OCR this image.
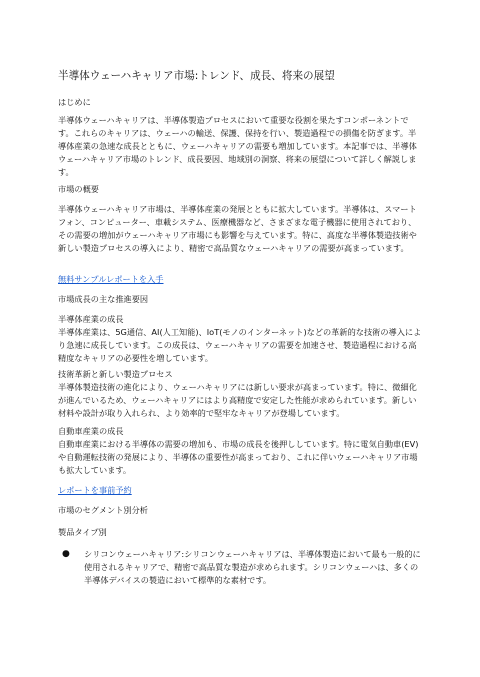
半導体ウェーハキャリア市場:トレンド、成長、将来の展望

はじめに

半導体ウェーハキャリアは、半導体製造プロセスにおいて重要な役割を果たすコンポーネントです。これらのキャリアは、ウェーハの輸送、保護、保持を行い、製造過程での損傷を防ぎます。半導体産業の急速な成長とともに、ウェーハキャリアの需要も増加しています。本記事では、半導体ウェーハキャリア市場のトレンド、成長要因、地域別の洞察、将来の展望について詳しく解説します。

市場の概要

半導体ウェーハキャリア市場は、半導体産業の発展とともに拡大しています。半導体は、スマートフォン、コンピューター、車載システム、医療機器など、さまざまな電子機器に使用されており、その需要の増加がウェーハキャリア市場にも影響を与えています。特に、高度な半導体製造技術や新しい製造プロセスの導入により、精密で高品質なウェーハキャリアの需要が高まっています。

無料サンプルレポートを入手

市場成長の主な推進要因

半導体産業の成長

半導体産業は、5G通信、AI(人工知能)、IoT(モノのインターネット)などの革新的な技術の導入により急速に成長しています。この成長は、ウェーハキャリアの需要を加速させ、製造過程における高精度なキャリアの必要性を増しています。

技術革新と新しい製造プロセス

半導体製造技術の進化により、ウェーハキャリアには新しい要求が高まっています。特に、微細化が進んでいるため、ウェーハキャリアにはより高精度で安定した性能が求められています。新しい材料や設計が取り入れられ、より効率的で堅牢なキャリアが登場しています。

自動車産業の成長

自動車産業における半導体の需要の増加も、市場の成長を後押ししています。特に電気自動車(EV)や自動運転技術の発展により、半導体の重要性が高まっており、これに伴いウェーハキャリア市場も拡大しています。

レポートを事前予約

市場のセグメント別分析

製品タイプ別

● シリコンウェーハキャリア:シリコンウェーハキャリアは、半導体製造において最も一般的に使用されるキャリアで、精密で高品質な製造が求められます。シリコンウェーハは、多くの半導体デバイスの製造において標準的な素材です。
